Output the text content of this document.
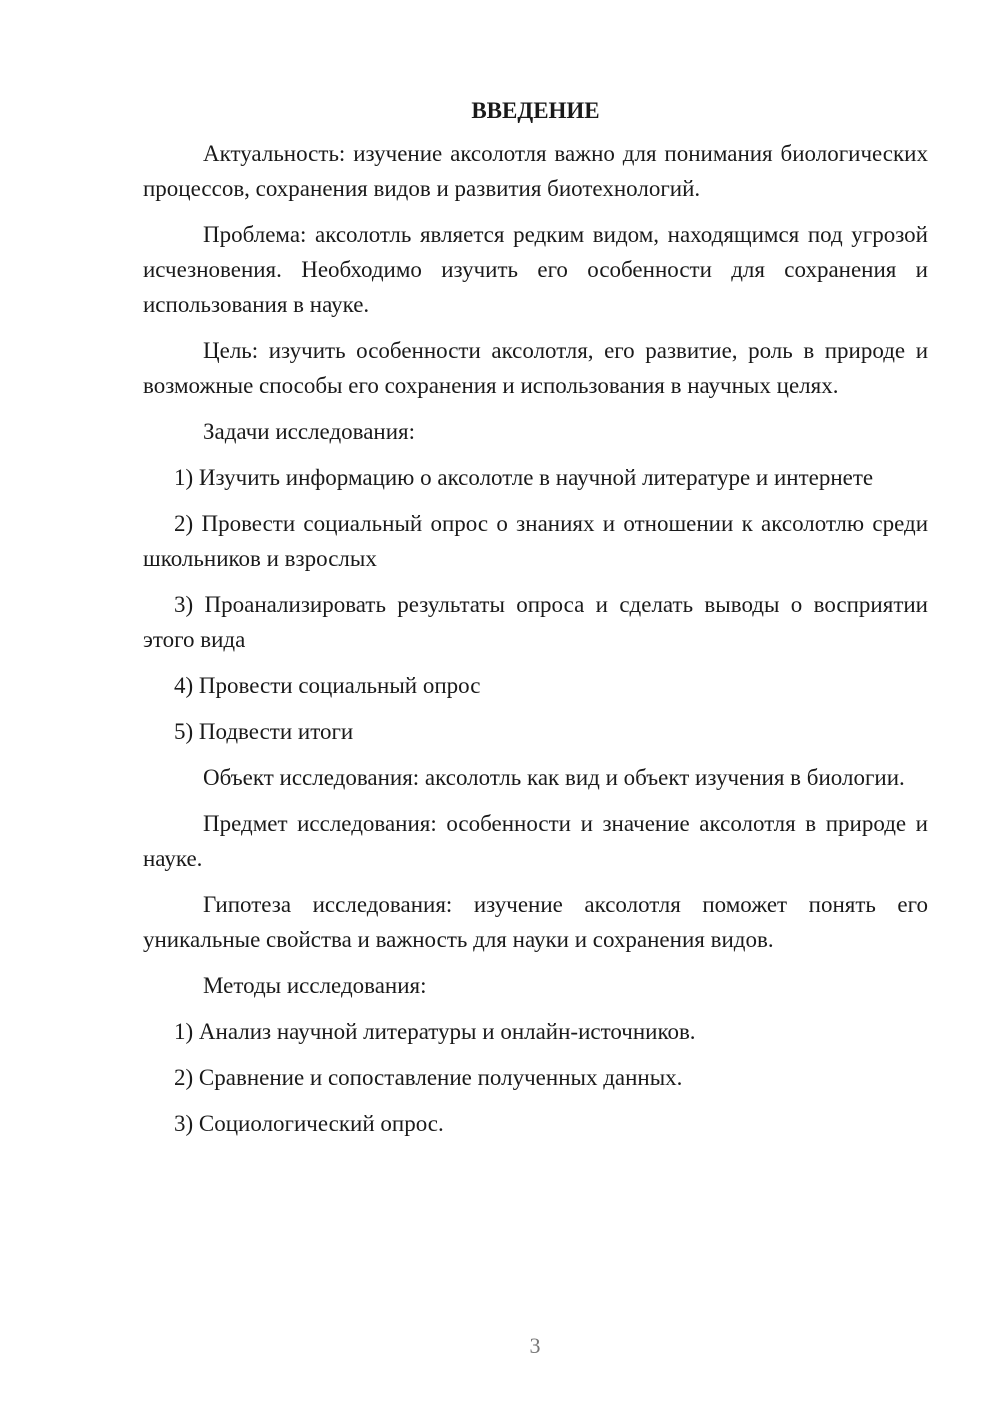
ВВЕДЕНИЕ

Актуальность: изучение аксолотля важно для понимания биологических процессов, сохранения видов и развития биотехнологий.

Проблема: аксолотль является редким видом, находящимся под угрозой исчезновения. Необходимо изучить его особенности для сохранения и использования в науке.

Цель: изучить особенности аксолотля, его развитие, роль в природе и возможные способы его сохранения и использования в научных целях.

Задачи исследования:

1) Изучить информацию о аксолотле в научной литературе и интернете

2) Провести социальный опрос о знаниях и отношении к аксолотлю среди школьников и взрослых

3) Проанализировать результаты опроса и сделать выводы о восприятии этого вида

4) Провести социальный опрос

5) Подвести итоги

Объект исследования: аксолотль как вид и объект изучения в биологии.

Предмет исследования: особенности и значение аксолотля в природе и науке.

Гипотеза исследования: изучение аксолотля поможет понять его уникальные свойства и важность для науки и сохранения видов.

Методы исследования:

1) Анализ научной литературы и онлайн-источников.

2) Сравнение и сопоставление полученных данных.

3) Социологический опрос.

3
